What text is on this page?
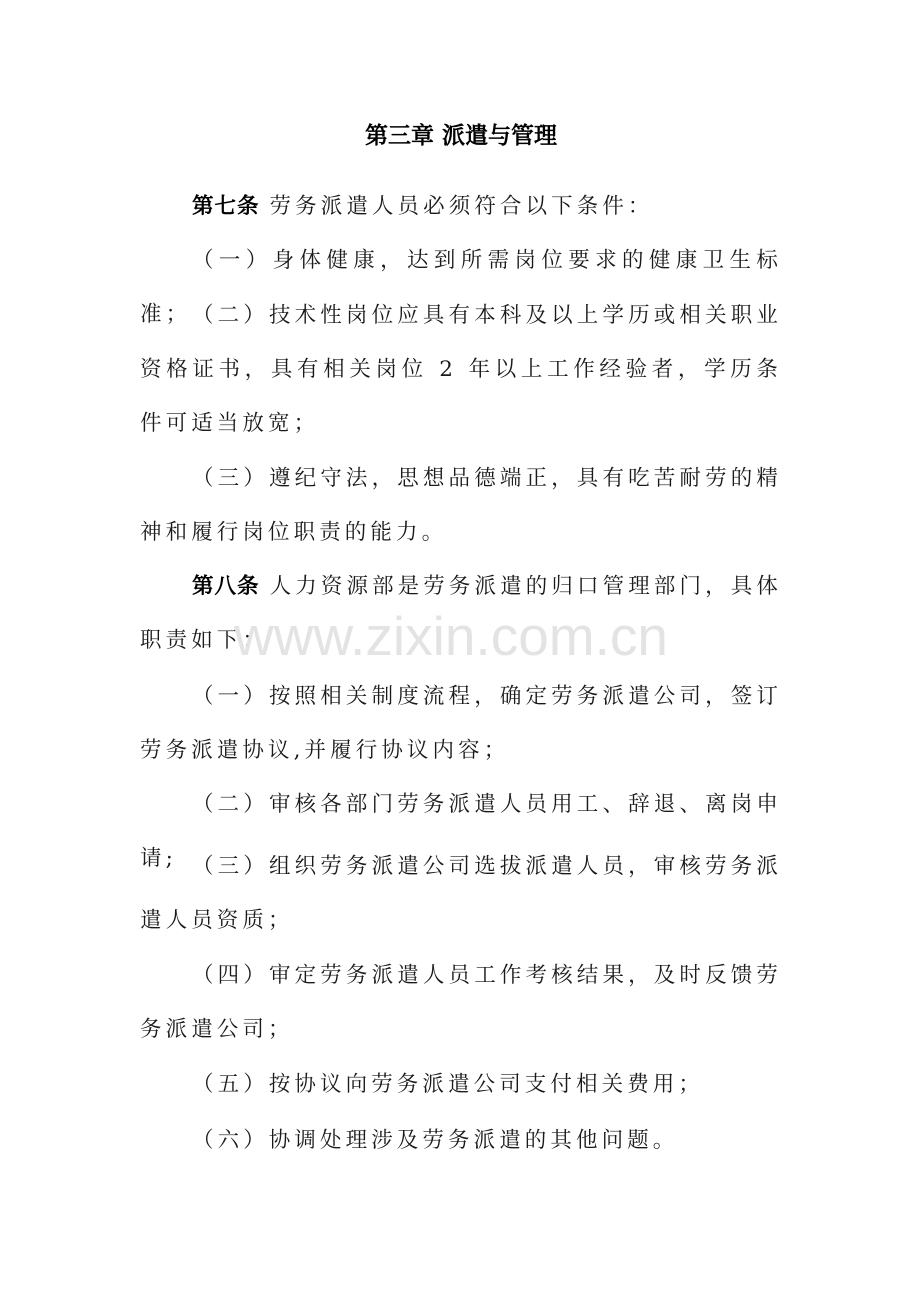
第三章 派遣与管理

第七条 劳务派遣人员必须符合以下条件：

（一）身体健康，达到所需岗位要求的健康卫生标准； （二）技术性岗位应具有本科及以上学历或相关职业资格证书，具有相关岗位 2 年以上工作经验者，学历条件可适当放宽；

（三）遵纪守法，思想品德端正，具有吃苦耐劳的精神和履行岗位职责的能力。

第八条 人力资源部是劳务派遣的归口管理部门，具体职责如下：

（一）按照相关制度流程，确定劳务派遣公司，签订劳务派遣协议,并履行协议内容；

（二）审核各部门劳务派遣人员用工、辞退、离岗申请; （三）组织劳务派遣公司选拔派遣人员，审核劳务派遣人员资质；

（四）审定劳务派遣人员工作考核结果，及时反馈劳务派遣公司；

（五）按协议向劳务派遣公司支付相关费用；

（六）协调处理涉及劳务派遣的其他问题。

www.zixin.com.cn
